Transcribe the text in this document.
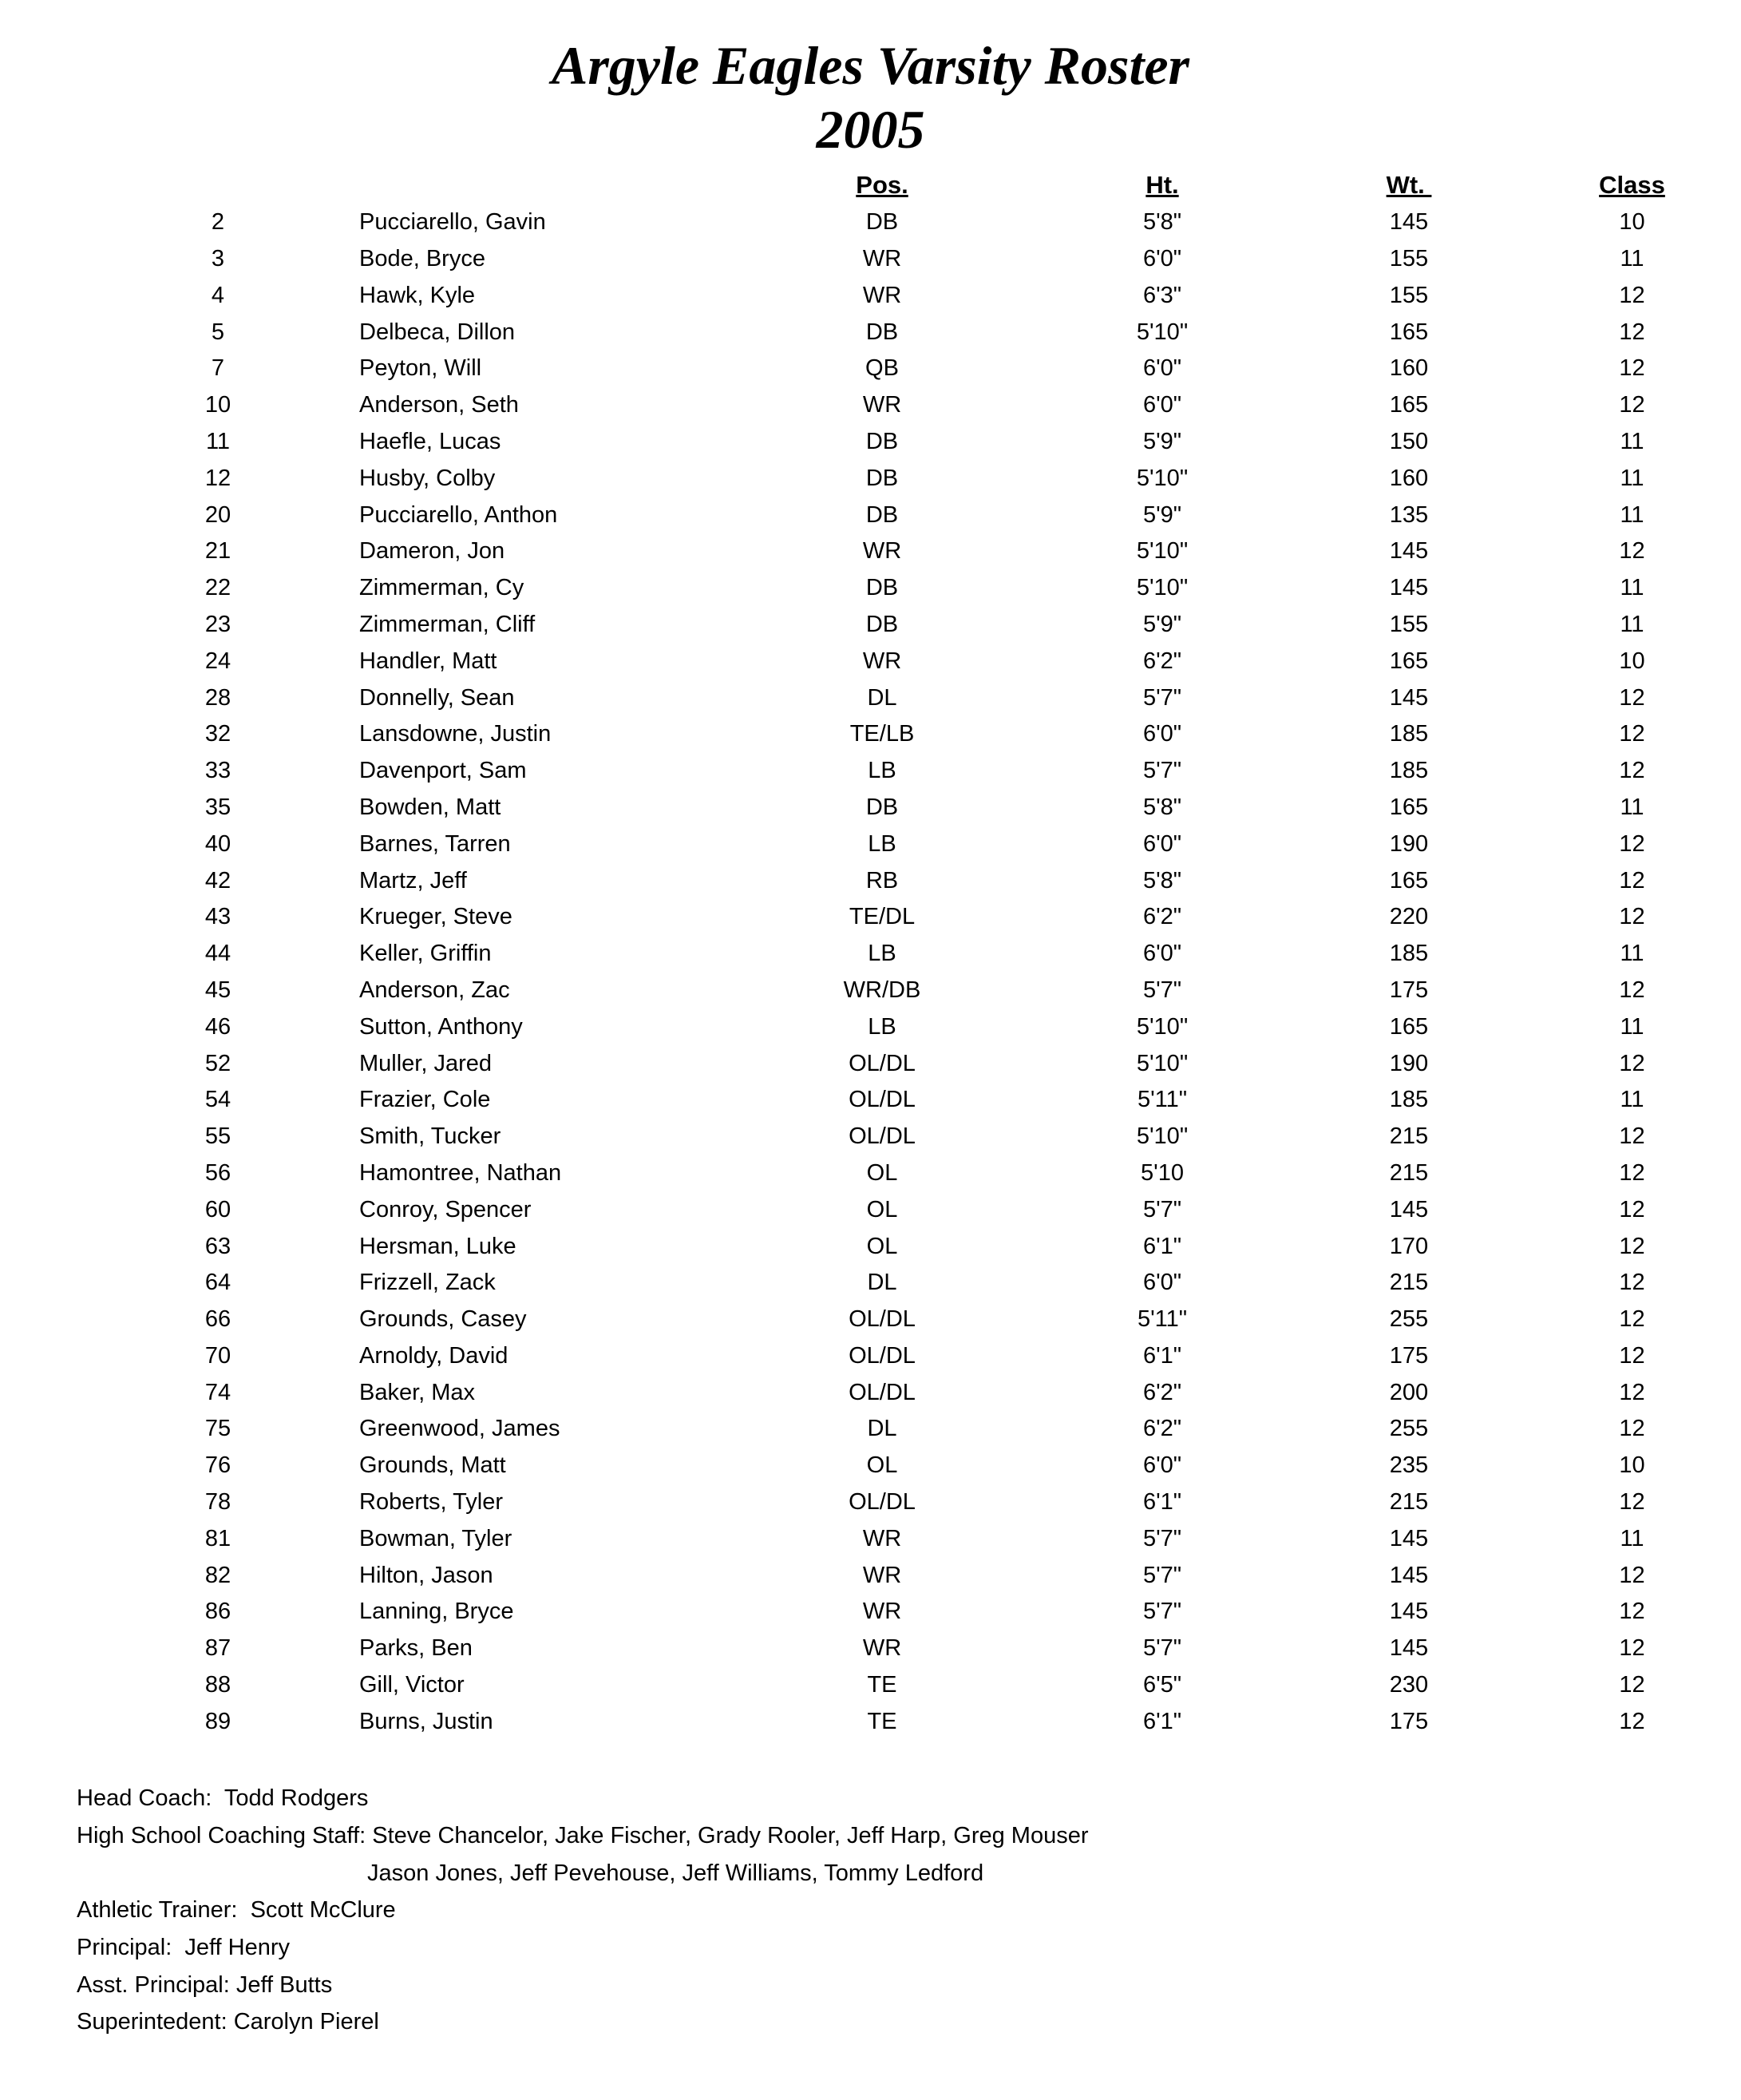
Argyle Eagles Varsity Roster
2005
		Pos.	Ht.	Wt.	Class
2	Pucciarello, Gavin	DB	5'8"	145	10
3	Bode, Bryce	WR	6'0"	155	11
4	Hawk, Kyle	WR	6'3"	155	12
5	Delbeca, Dillon	DB	5'10"	165	12
7	Peyton, Will	QB	6'0"	160	12
10	Anderson, Seth	WR	6'0"	165	12
11	Haefle, Lucas	DB	5'9"	150	11
12	Husby, Colby	DB	5'10"	160	11
20	Pucciarello, Anthon	DB	5'9"	135	11
21	Dameron, Jon	WR	5'10"	145	12
22	Zimmerman, Cy	DB	5'10"	145	11
23	Zimmerman, Cliff	DB	5'9"	155	11
24	Handler, Matt	WR	6'2"	165	10
28	Donnelly, Sean	DL	5'7"	145	12
32	Lansdowne, Justin	TE/LB	6'0"	185	12
33	Davenport, Sam	LB	5'7"	185	12
35	Bowden, Matt	DB	5'8"	165	11
40	Barnes, Tarren	LB	6'0"	190	12
42	Martz, Jeff	RB	5'8"	165	12
43	Krueger, Steve	TE/DL	6'2"	220	12
44	Keller, Griffin	LB	6'0"	185	11
45	Anderson, Zac	WR/DB	5'7"	175	12
46	Sutton, Anthony	LB	5'10"	165	11
52	Muller, Jared	OL/DL	5'10"	190	12
54	Frazier, Cole	OL/DL	5'11"	185	11
55	Smith, Tucker	OL/DL	5'10"	215	12
56	Hamontree, Nathan	OL	5'10	215	12
60	Conroy, Spencer	OL	5'7"	145	12
63	Hersman, Luke	OL	6'1"	170	12
64	Frizzell, Zack	DL	6'0"	215	12
66	Grounds, Casey	OL/DL	5'11"	255	12
70	Arnoldy, David	OL/DL	6'1"	175	12
74	Baker, Max	OL/DL	6'2"	200	12
75	Greenwood, James	DL	6'2"	255	12
76	Grounds, Matt	OL	6'0"	235	10
78	Roberts, Tyler	OL/DL	6'1"	215	12
81	Bowman, Tyler	WR	5'7"	145	11
82	Hilton, Jason	WR	5'7"	145	12
86	Lanning, Bryce	WR	5'7"	145	12
87	Parks, Ben	WR	5'7"	145	12
88	Gill, Victor	TE	6'5"	230	12
89	Burns, Justin	TE	6'1"	175	12

Head Coach:  Todd Rodgers

High School Coaching Staff: Steve Chancelor, Jake Fischer, Grady Rooler, Jeff Harp, Greg Mouser

Jason Jones, Jeff Pevehouse, Jeff Williams, Tommy Ledford

Athletic Trainer:  Scott McClure

Principal:  Jeff Henry

Asst. Principal: Jeff Butts

Superintedent: Carolyn Pierel
